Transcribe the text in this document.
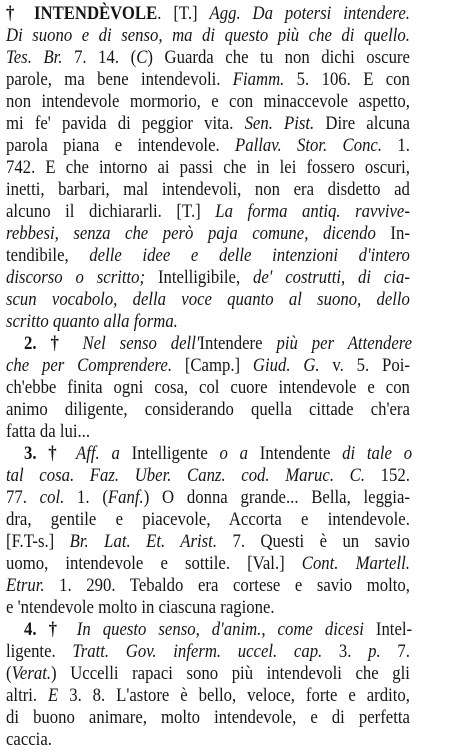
† INTENDÈVOLE. [T.] Agg. Da potersi intendere.
Di suono e di senso, ma di questo più che di quello.
Tes. Br. 7. 14. (C) Guarda che tu non dichi oscure
parole, ma bene intendevoli. Fiamm. 5. 106. E con
non intendevole mormorio, e con minaccevole aspetto,
mi fe' pavida di peggior vita. Sen. Pist. Dire alcuna
parola piana e intendevole. Pallav. Stor. Conc. 1.
742. E che intorno ai passi che in lei fossero oscuri,
inetti, barbari, mal intendevoli, non era disdetto ad
alcuno il dichiararli. [T.] La forma antiq. ravvive-
rebbesi, senza che però paja comune, dicendo In-
tendibile, delle idee e delle intenzioni d'intero
discorso o scritto; Intelligibile, de' costrutti, di cia-
scun vocabolo, della voce quanto al suono, dello
scritto quanto alla forma.
2. † Nel senso dell'Intendere più per Attendere
che per Comprendere. [Camp.] Giud. G. v. 5. Poi-
ch'ebbe finita ogni cosa, col cuore intendevole e con
animo diligente, considerando quella cittade ch'era
fatta da lui...
3. † Aff. a Intelligente o a Intendente di tale o
tal cosa. Faz. Uber. Canz. cod. Maruc. C. 152.
77. col. 1. (Fanf.) O donna grande... Bella, leggia-
dra, gentile e piacevole, Accorta e intendevole.
[F.T-s.] Br. Lat. Et. Arist. 7. Questi è un savio
uomo, intendevole e sottile. [Val.] Cont. Martell.
Etrur. 1. 290. Tebaldo era cortese e savio molto,
e 'ntendevole molto in ciascuna ragione.
4. † In questo senso, d'anim., come dicesi Intel-
ligente. Tratt. Gov. inferm. uccel. cap. 3. p. 7.
(Verat.) Uccelli rapaci sono più intendevoli che gli
altri. E 3. 8. L'astore è bello, veloce, forte e ardito,
di buono animare, molto intendevole, e di perfetta
caccia.
